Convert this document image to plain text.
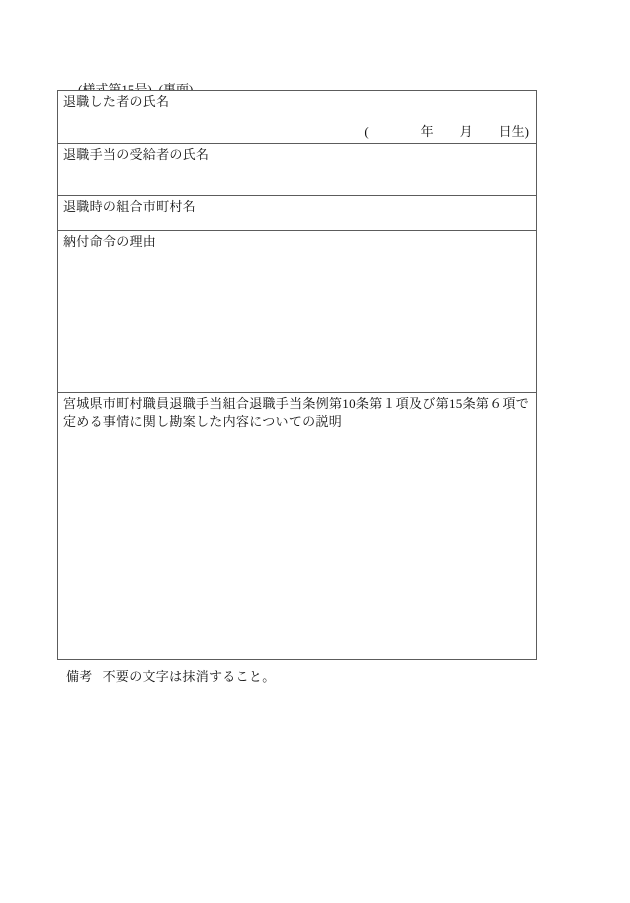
退職した者の氏名
(　　　　年　　月　　日生)
退職手当の受給者の氏名
退職時の組合市町村名
納付命令の理由
宮城県市町村職員退職手当組合退職手当条例第10条第１項及び第15条第６項で定める事情に関し勘案した内容についての説明
備考 不要の文字は抹消すること。
